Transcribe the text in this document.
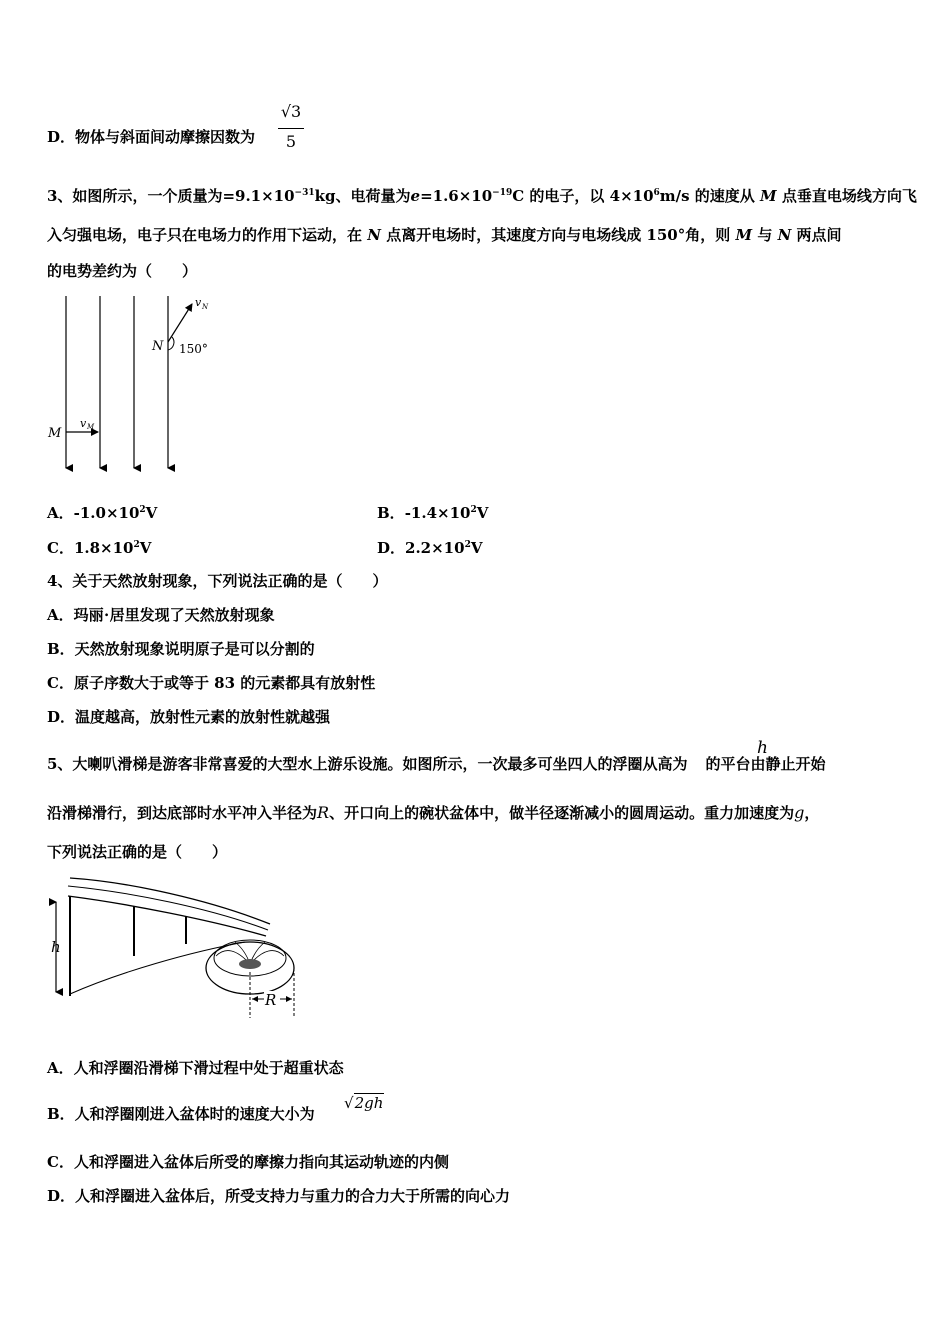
D．物体与斜面间动摩擦因数为
√3
5
3、如图所示，一个质量为$=9.1\times 10^{-31}kg$、电荷量为$e=1.6\times 10^{-19}C$ 的电子，以 $4\times 10^6m/s$ 的速度从 M 点垂直电场线方向飞
入匀强电场，电子只在电场力的作用下运动，在 N 点离开电场时，其速度方向与电场线成 150°角，则 M 与 N 两点间
的电势差约为（　　）
M
v M
v N
N 150°
A．$-1.0\times 10^2V$	B．$-1.4\times 10^2V$
C．$1.8\times 10^2V$	D．$2.2\times 10^2V$
4、关于天然放射现象，下列说法正确的是（　　）
A．玛丽⋅居里发现了天然放射现象
B．天然放射现象说明原子是可以分割的
C．原子序数大于或等于 83 的元素都具有放射性
D．温度越高，放射性元素的放射性就越强
5、大喇叭滑梯是游客非常喜爱的大型水上游乐设施。如图所示，一次最多可坐四人的浮圈从高为 的平台由静止开始
h
沿滑梯滑行，到达底部时水平冲入半径为R、开口向上的碗状盆体中，做半径逐渐减小的圆周运动。重力加速度为g，
下列说法正确的是（　　）
h
R
A．人和浮圈沿滑梯下滑过程中处于超重状态
B．人和浮圈刚进入盆体时的速度大小为
√2gh
C．人和浮圈进入盆体后所受的摩擦力指向其运动轨迹的内侧
D．人和浮圈进入盆体后，所受支持力与重力的合力大于所需的向心力
